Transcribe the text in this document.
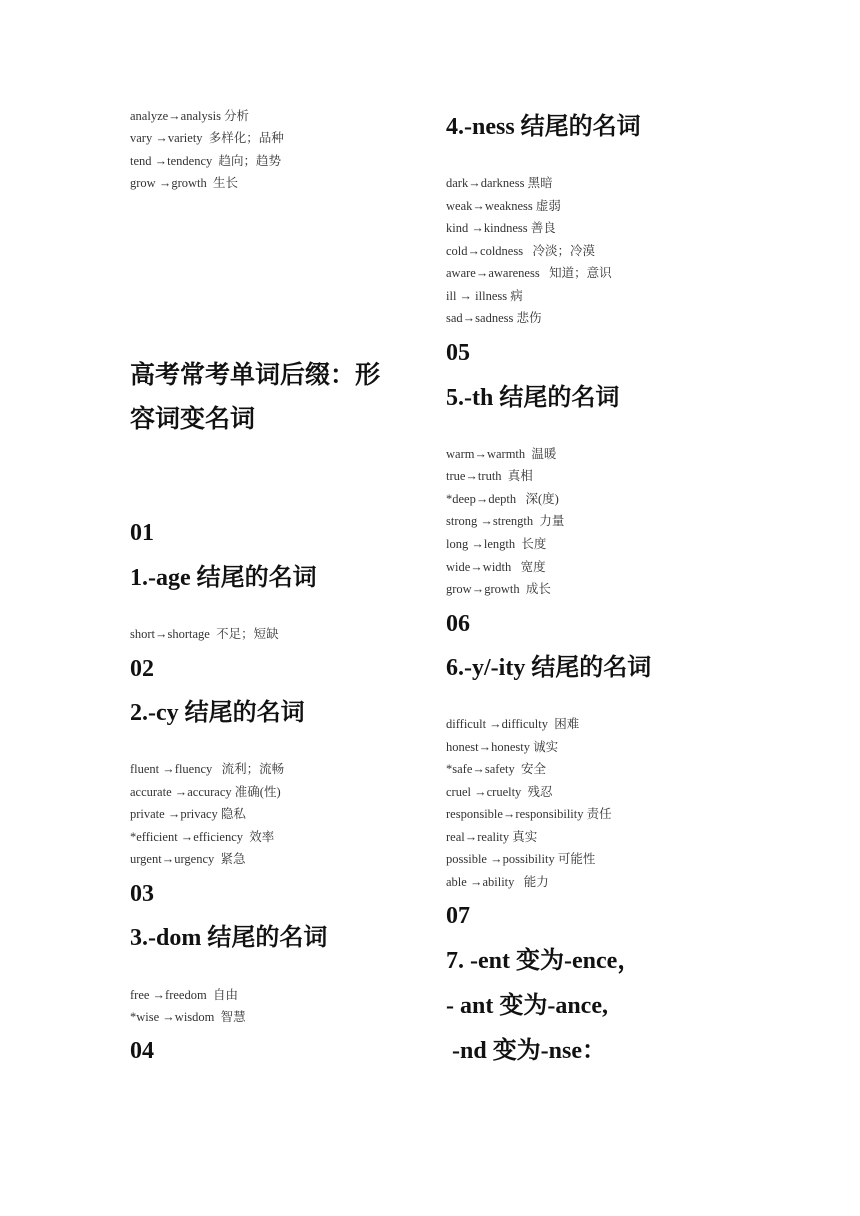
analyze→analysis 分析
vary →variety  多样化；品种
tend →tendency  趋向；趋势
grow →growth  生长
高考常考单词后缀：形容词变名词
01
1.-age 结尾的名词
short→shortage  不足；短缺
02
2.-cy 结尾的名词
fluent →fluency   流利；流畅
accurate →accuracy 准确(性)
private →privacy 隐私
*efficient →efficiency  效率
urgent→urgency  紧急
03
3.-dom 结尾的名词
free →freedom  自由
*wise →wisdom  智慧
04
4.-ness 结尾的名词
dark→darkness 黑暗
weak→weakness 虚弱
kind →kindness 善良
cold→coldness   冷淡；冷漠
aware→awareness   知道；意识
ill → illness 病
sad→sadness 悲伤
05
5.-th 结尾的名词
warm→warmth  温暖
true→truth  真相
*deep→depth   深(度)
strong →strength  力量
long →length  长度
wide→width   宽度
grow→growth  成长
06
6.-y/-ity 结尾的名词
difficult →difficulty  困难
honest→honesty 诚实
*safe→safety  安全
cruel →cruelty  残忍
responsible→responsibility 责任
real→reality 真实
possible →possibility 可能性
able →ability   能力
07
7. -ent 变为-ence，
- ant 变为-ance,
-nd 变为-nse：
